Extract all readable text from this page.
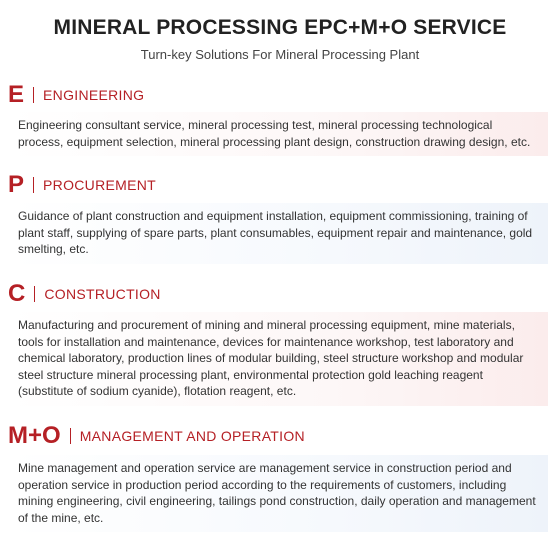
MINERAL PROCESSING EPC+M+O SERVICE
Turn-key Solutions For Mineral Processing Plant
E ENGINEERING
Engineering consultant service, mineral processing test, mineral processing technological process, equipment selection, mineral processing plant design, construction drawing design, etc.
P PROCUREMENT
Guidance of plant construction and equipment installation, equipment commissioning, training of plant staff, supplying of spare parts, plant consumables, equipment repair and maintenance, gold smelting, etc.
C CONSTRUCTION
Manufacturing and procurement of mining and mineral processing equipment, mine materials, tools for installation and maintenance, devices for maintenance workshop, test laboratory and chemical laboratory, production lines of modular building, steel structure workshop and modular steel structure mineral processing plant, environmental protection gold leaching reagent (substitute of sodium cyanide), flotation reagent, etc.
M+O MANAGEMENT AND OPERATION
Mine management and operation service are management service in construction period and operation service in production period according to the requirements of customers, including mining engineering, civil engineering, tailings pond construction, daily operation and management of the mine, etc.
